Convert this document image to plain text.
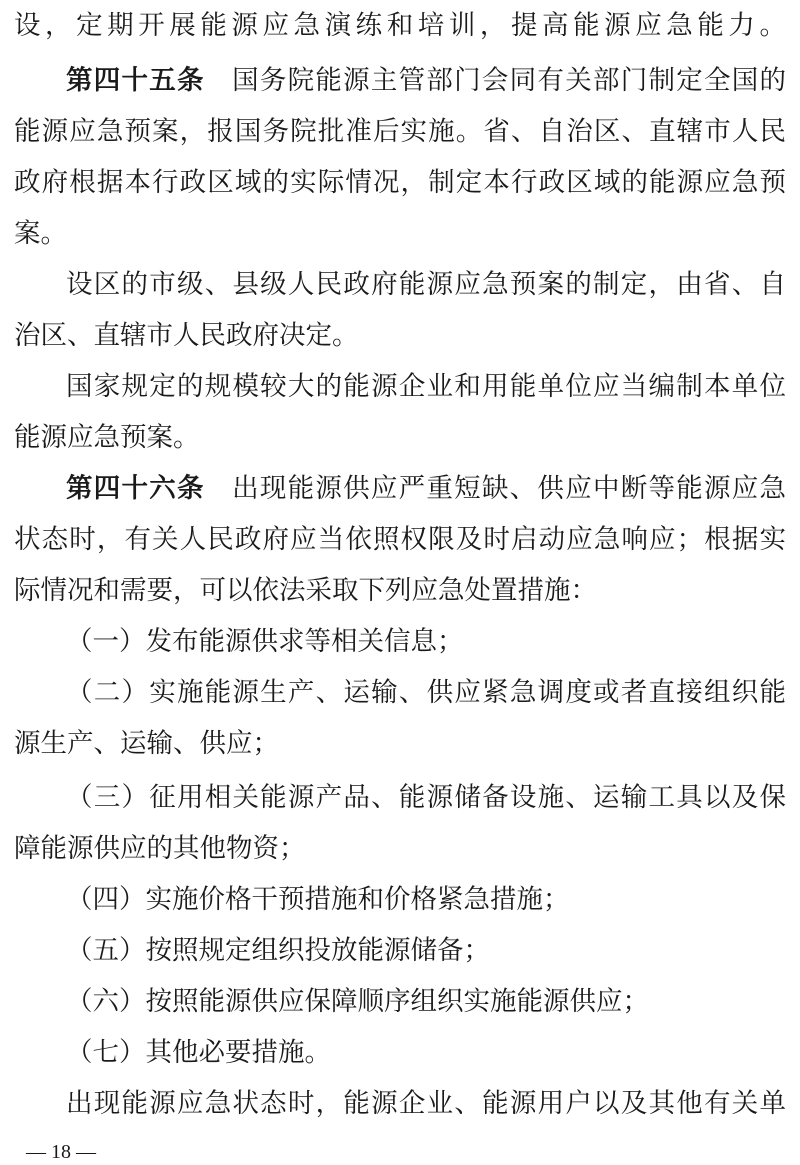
设，定期开展能源应急演练和培训，提高能源应急能力。
第四十五条 国务院能源主管部门会同有关部门制定全国的
能源应急预案，报国务院批准后实施。省、自治区、直辖市人民
政府根据本行政区域的实际情况，制定本行政区域的能源应急预
案。
设区的市级、县级人民政府能源应急预案的制定，由省、自
治区、直辖市人民政府决定。
国家规定的规模较大的能源企业和用能单位应当编制本单位
能源应急预案。
第四十六条 出现能源供应严重短缺、供应中断等能源应急
状态时，有关人民政府应当依照权限及时启动应急响应；根据实
际情况和需要，可以依法采取下列应急处置措施：
（一）发布能源供求等相关信息；
（二）实施能源生产、运输、供应紧急调度或者直接组织能
源生产、运输、供应；
（三）征用相关能源产品、能源储备设施、运输工具以及保
障能源供应的其他物资；
（四）实施价格干预措施和价格紧急措施；
（五）按照规定组织投放能源储备；
（六）按照能源供应保障顺序组织实施能源供应；
（七）其他必要措施。
出现能源应急状态时，能源企业、能源用户以及其他有关单
— 18 —
